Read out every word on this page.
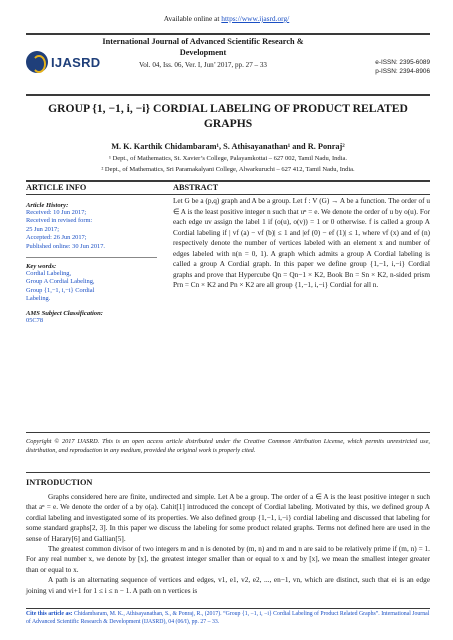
Available online at https://www.ijasrd.org/
IJASRD
International Journal of Advanced Scientific Research & Development
Vol. 04, Iss. 06, Ver. I, Jun’ 2017, pp. 27 – 33	e-ISSN: 2395-6089
p-ISSN: 2394-8906
GROUP {1, −1, i, −i} CORDIAL LABELING OF PRODUCT RELATED GRAPHS
M. K. Karthik Chidambaram¹, S. Athisayanathan¹ and R. Ponraj²
¹ Dept., of Mathematics, St. Xavier’s College, Palayamkottai – 627 002, Tamil Nadu, India.
² Dept., of Mathematics, Sri Paramakalyani College, Alwarkuruchi – 627 412, Tamil Nadu, India.
ARTICLE INFO	ABSTRACT
Article History:
Received: 10 Jun 2017;
Received in revised form:
25 Jun 2017;
Accepted: 26 Jun 2017;
Published online: 30 Jun 2017.
Key words:
Cordial Labeling,
Group A Cordial Labeling,
Group {1,−1, i,−i} Cordial
Labeling.
AMS Subject Classification:
05C78
Let G be a (p,q) graph and A be a group. Let f : V (G) → A be a function. The order of u ∈ A is the least positive integer n such that uⁿ = e. We denote the order of u by o(u). For each edge uv assign the label 1 if (o(u), o(v)) = 1 or 0 otherwise. f is called a group A Cordial labeling if | vf (a) − vf (b)| ≤ 1 and |ef (0) − ef (1)| ≤ 1, where vf (x) and ef (n) respectively denote the number of vertices labeled with an element x and number of edges labeled with n(n = 0, 1). A graph which admits a group A Cordial labeling is called a group A Cordial graph. In this paper we define group {1,−1, i,−i} Cordial graphs and prove that Hypercube Qn = Qn−1 × K2, Book Bn = Sn × K2, n-sided prism Prn = Cn × K2 and Pn × K2 are all group {1,−1, i,−i} Cordial for all n.
Copyright © 2017 IJASRD. This is an open access article distributed under the Creative Common Attribution License, which permits unrestricted use, distribution, and reproduction in any medium, provided the original work is properly cited.
INTRODUCTION

Graphs considered here are finite, undirected and simple. Let A be a group. The order of a ∈ A is the least positive integer n such that aⁿ = e. We denote the order of a by o(a). Cahit[1] introduced the concept of Cordial labeling. Motivated by this, we defined group A cordial labeling and investigated some of its properties. We also defined group {1,−1, i,−i} cordial labeling and discussed that labeling for some standard graphs[2, 3]. In this paper we discuss the labeling for some product related graphs. Terms not defined here are used in the sense of Harary[6] and Gallian[5].

The greatest common divisor of two integers m and n is denoted by (m, n) and m and n are said to be relatively prime if (m, n) = 1. For any real number x, we denote by [x], the greatest integer smaller than or equal to x and by [x], we mean the smallest integer greater than or equal to x.

A path is an alternating sequence of vertices and edges, v1, e1, v2, e2, ..., en−1, vn, which are distinct, such that ei is an edge joining vi and vi+1 for 1 ≤ i ≤ n − 1. A path on n vertices is

Cite this article as: Chidambaram, M. K., Athisayanathan, S., & Ponraj, R., (2017). “Group {1, −1, i, −i} Cordial Labeling of Product Related Graphs”. International Journal of Advanced Scientific Research & Development (IJASRD), 04 (06/I), pp. 27 – 33.
